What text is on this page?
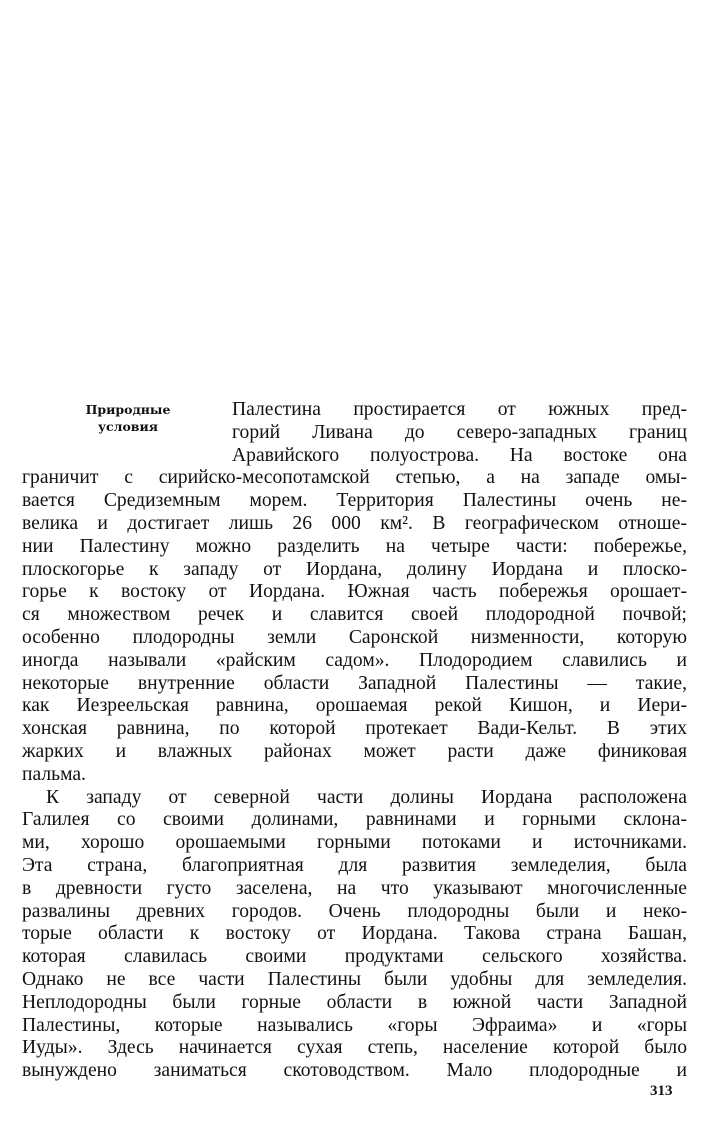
Природные
условия
Палестина простирается от южных пред-
горий Ливана до северо-западных границ
Аравийского полуострова. На востоке она
граничит с сирийско-месопотамской степью, а на западе омы-
вается Средиземным морем. Территория Палестины очень не-
велика и достигает лишь 26 000 км². В географическом отноше-
нии Палестину можно разделить на четыре части: побережье,
плоскогорье к западу от Иордана, долину Иордана и плоско-
горье к востоку от Иордана. Южная часть побережья орошает-
ся множеством речек и славится своей плодородной почвой;
особенно плодородны земли Саронской низменности, которую
иногда называли «райским садом». Плодородием славились и
некоторые внутренние области Западной Палестины — такие,
как Иезреельская равнина, орошаемая рекой Кишон, и Иери-
хонская равнина, по которой протекает Вади-Кельт. В этих
жарких и влажных районах может расти даже финиковая
пальма.
К западу от северной части долины Иордана расположена
Галилея со своими долинами, равнинами и горными склона-
ми, хорошо орошаемыми горными потоками и источниками.
Эта страна, благоприятная для развития земледелия, была
в древности густо заселена, на что указывают многочисленные
развалины древних городов. Очень плодородны были и неко-
торые области к востоку от Иордана. Такова страна Башан,
которая славилась своими продуктами сельского хозяйства.
Однако не все части Палестины были удобны для земледелия.
Неплодородны были горные области в южной части Западной
Палестины, которые назывались «горы Эфраима» и «горы
Иуды». Здесь начинается сухая степь, население которой было
вынуждено заниматься скотоводством. Мало плодородные и
313
